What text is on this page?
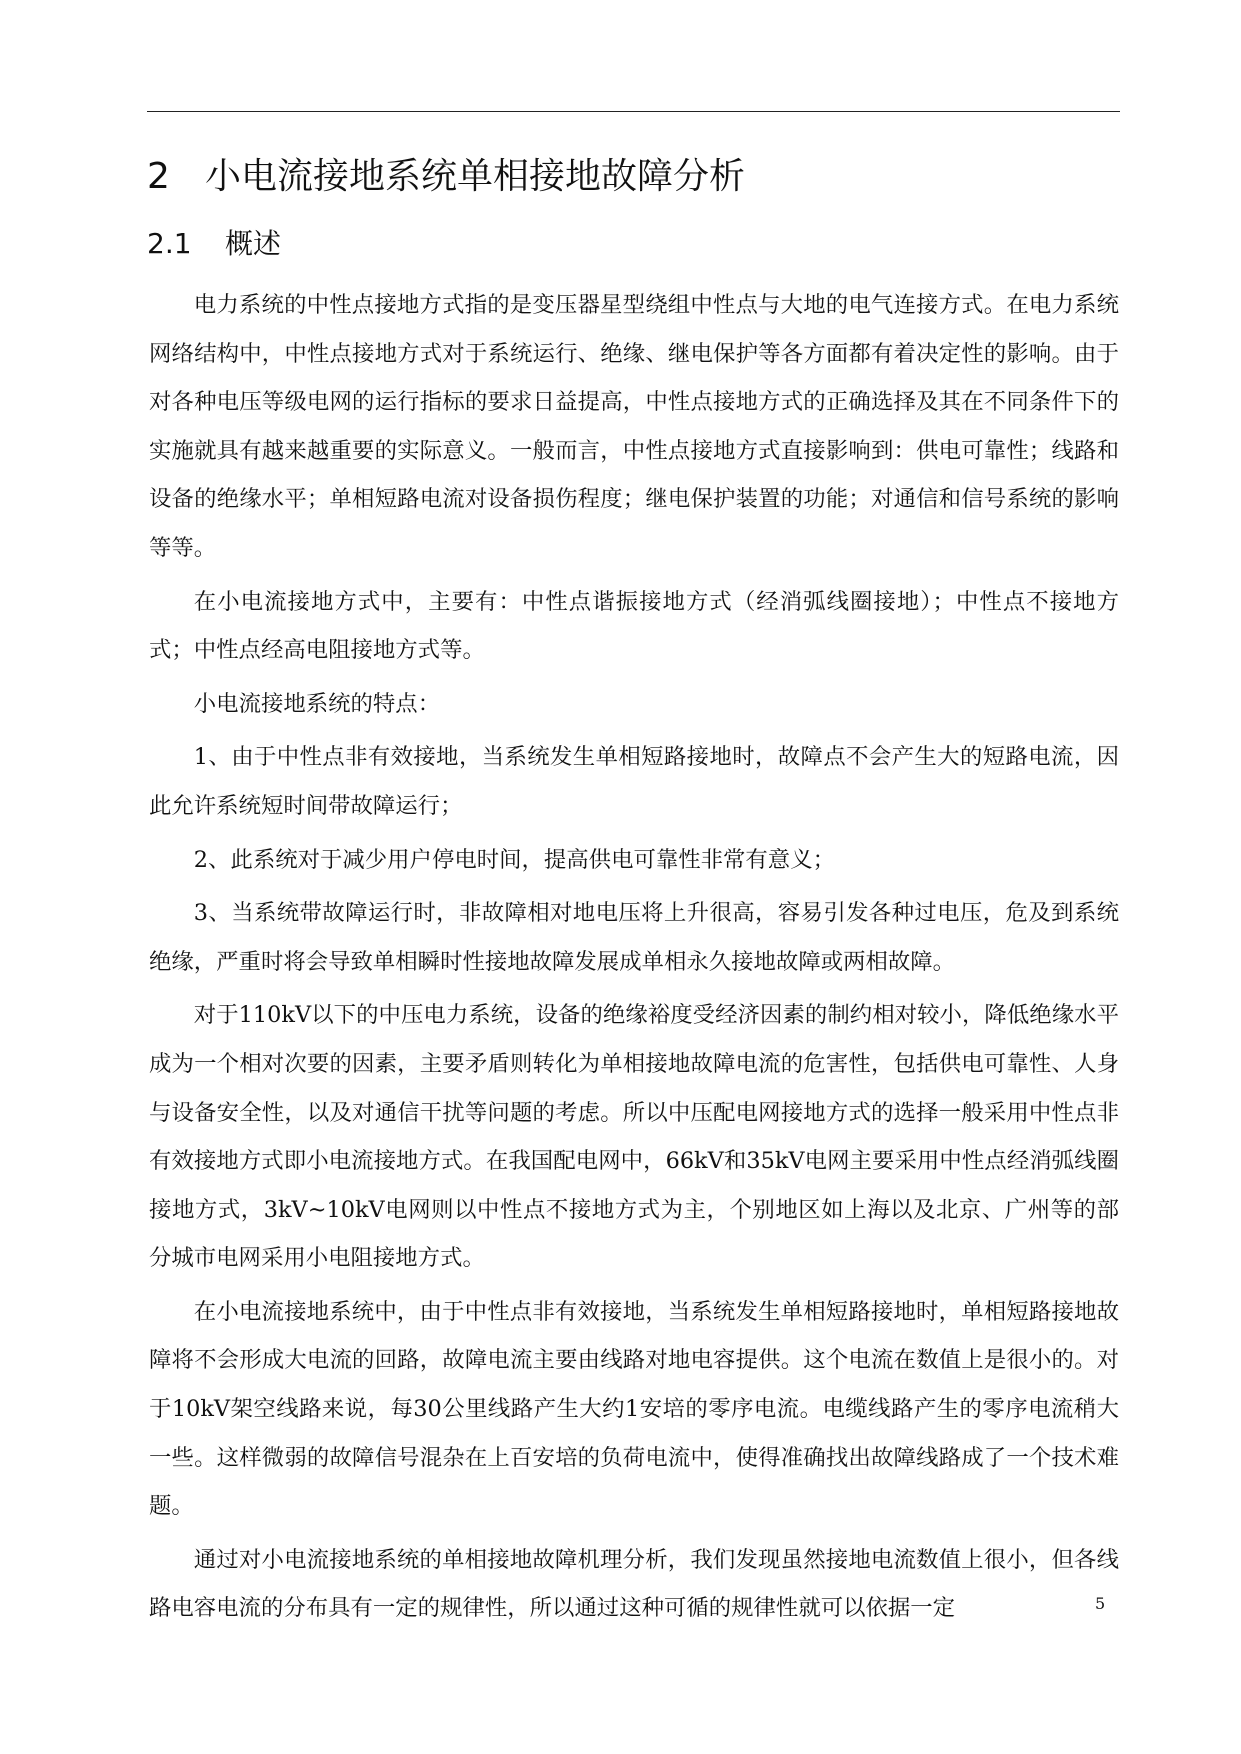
2 小电流接地系统单相接地故障分析
2.1 概述

电力系统的中性点接地方式指的是变压器星型绕组中性点与大地的电气连接方式。在电力系统网络结构中，中性点接地方式对于系统运行、绝缘、继电保护等各方面都有着决定性的影响。由于对各种电压等级电网的运行指标的要求日益提高，中性点接地方式的正确选择及其在不同条件下的实施就具有越来越重要的实际意义。一般而言，中性点接地方式直接影响到：供电可靠性；线路和设备的绝缘水平；单相短路电流对设备损伤程度；继电保护装置的功能；对通信和信号系统的影响等等。

在小电流接地方式中，主要有：中性点谐振接地方式（经消弧线圈接地）；中性点不接地方式；中性点经高电阻接地方式等。

小电流接地系统的特点：

1、由于中性点非有效接地，当系统发生单相短路接地时，故障点不会产生大的短路电流，因此允许系统短时间带故障运行；

2、此系统对于减少用户停电时间，提高供电可靠性非常有意义；

3、当系统带故障运行时，非故障相对地电压将上升很高，容易引发各种过电压，危及到系统绝缘，严重时将会导致单相瞬时性接地故障发展成单相永久接地故障或两相故障。

对于110kV以下的中压电力系统，设备的绝缘裕度受经济因素的制约相对较小，降低绝缘水平成为一个相对次要的因素，主要矛盾则转化为单相接地故障电流的危害性，包括供电可靠性、人身与设备安全性，以及对通信干扰等问题的考虑。所以中压配电网接地方式的选择一般采用中性点非有效接地方式即小电流接地方式。在我国配电网中，66kV和35kV电网主要采用中性点经消弧线圈接地方式，3kV~10kV电网则以中性点不接地方式为主，个别地区如上海以及北京、广州等的部分城市电网采用小电阻接地方式。

在小电流接地系统中，由于中性点非有效接地，当系统发生单相短路接地时，单相短路接地故障将不会形成大电流的回路，故障电流主要由线路对地电容提供。这个电流在数值上是很小的。对于10kV架空线路来说，每30公里线路产生大约1安培的零序电流。电缆线路产生的零序电流稍大一些。这样微弱的故障信号混杂在上百安培的负荷电流中，使得准确找出故障线路成了一个技术难题。

通过对小电流接地系统的单相接地故障机理分析，我们发现虽然接地电流数值上很小，但各线路电容电流的分布具有一定的规律性，所以通过这种可循的规律性就可以依据一定	5
